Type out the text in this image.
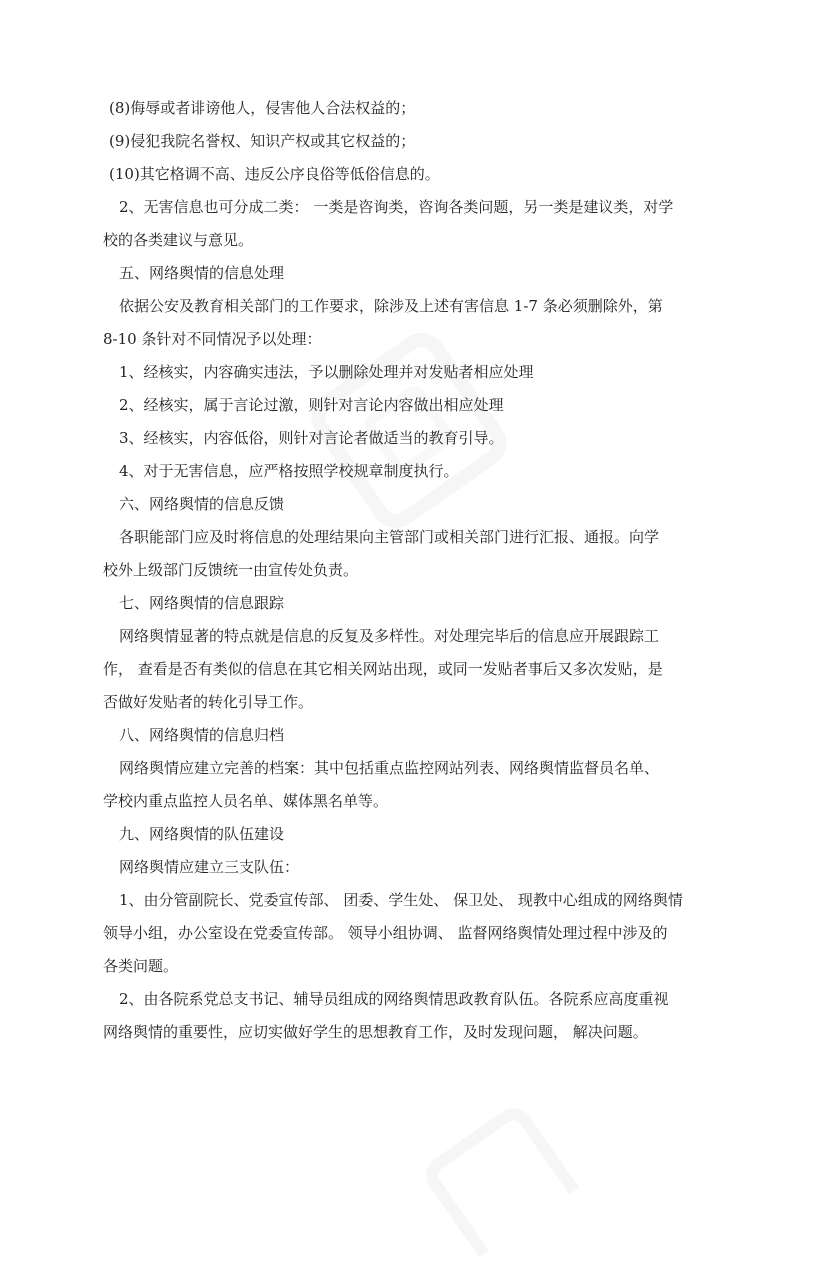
(8)侮辱或者诽谤他人，侵害他人合法权益的；

(9)侵犯我院名誉权、知识产权或其它权益的；

(10)其它格调不高、违反公序良俗等低俗信息的。

2、无害信息也可分成二类： 一类是咨询类，咨询各类问题，另一类是建议类，对学

校的各类建议与意见。

五、网络舆情的信息处理

依据公安及教育相关部门的工作要求，除涉及上述有害信息 1-7 条必须删除外，第

8-10 条针对不同情况予以处理：

1、经核实，内容确实违法，予以删除处理并对发贴者相应处理

2、经核实，属于言论过激，则针对言论内容做出相应处理

3、经核实，内容低俗，则针对言论者做适当的教育引导。

4、对于无害信息，应严格按照学校规章制度执行。

六、网络舆情的信息反馈

各职能部门应及时将信息的处理结果向主管部门或相关部门进行汇报、通报。向学

校外上级部门反馈统一由宣传处负责。

七、网络舆情的信息跟踪

网络舆情显著的特点就是信息的反复及多样性。对处理完毕后的信息应开展跟踪工

作， 查看是否有类似的信息在其它相关网站出现，或同一发贴者事后又多次发贴，是

否做好发贴者的转化引导工作。

八、网络舆情的信息归档

网络舆情应建立完善的档案：其中包括重点监控网站列表、网络舆情监督员名单、

学校内重点监控人员名单、媒体黑名单等。

九、网络舆情的队伍建设

网络舆情应建立三支队伍：

1、由分管副院长、党委宣传部、 团委、学生处、 保卫处、 现教中心组成的网络舆情

领导小组，办公室设在党委宣传部。 领导小组协调、 监督网络舆情处理过程中涉及的

各类问题。

2、由各院系党总支书记、辅导员组成的网络舆情思政教育队伍。各院系应高度重视

网络舆情的重要性，应切实做好学生的思想教育工作，及时发现问题， 解决问题。
